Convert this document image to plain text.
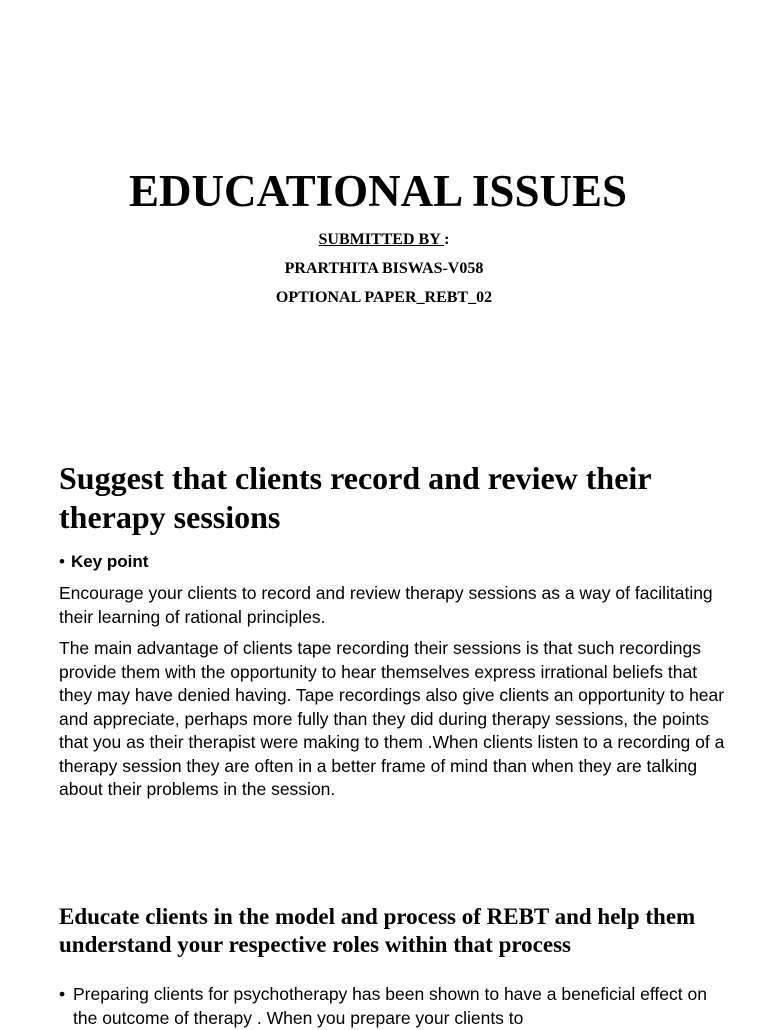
EDUCATIONAL ISSUES
SUBMITTED BY :
PRARTHITA BISWAS-V058
OPTIONAL PAPER_REBT_02
Suggest that clients record and review their therapy sessions
• Key point

Encourage your clients to record and review therapy sessions as a way of facilitating their learning of rational principles.

The main advantage of clients tape recording their sessions is that such recordings provide them with the opportunity to hear themselves express irrational beliefs that they may have denied having. Tape recordings also give clients an opportunity to hear and appreciate, perhaps more fully than they did during therapy sessions, the points that you as their therapist were making to them .When clients listen to a recording of a therapy session they are often in a better frame of mind than when they are talking about their problems in the session.

Educate clients in the model and process of REBT and help them understand your respective roles within that process

• Preparing clients for psychotherapy has been shown to have a beneficial effect on the outcome of therapy . When you prepare your clients to
